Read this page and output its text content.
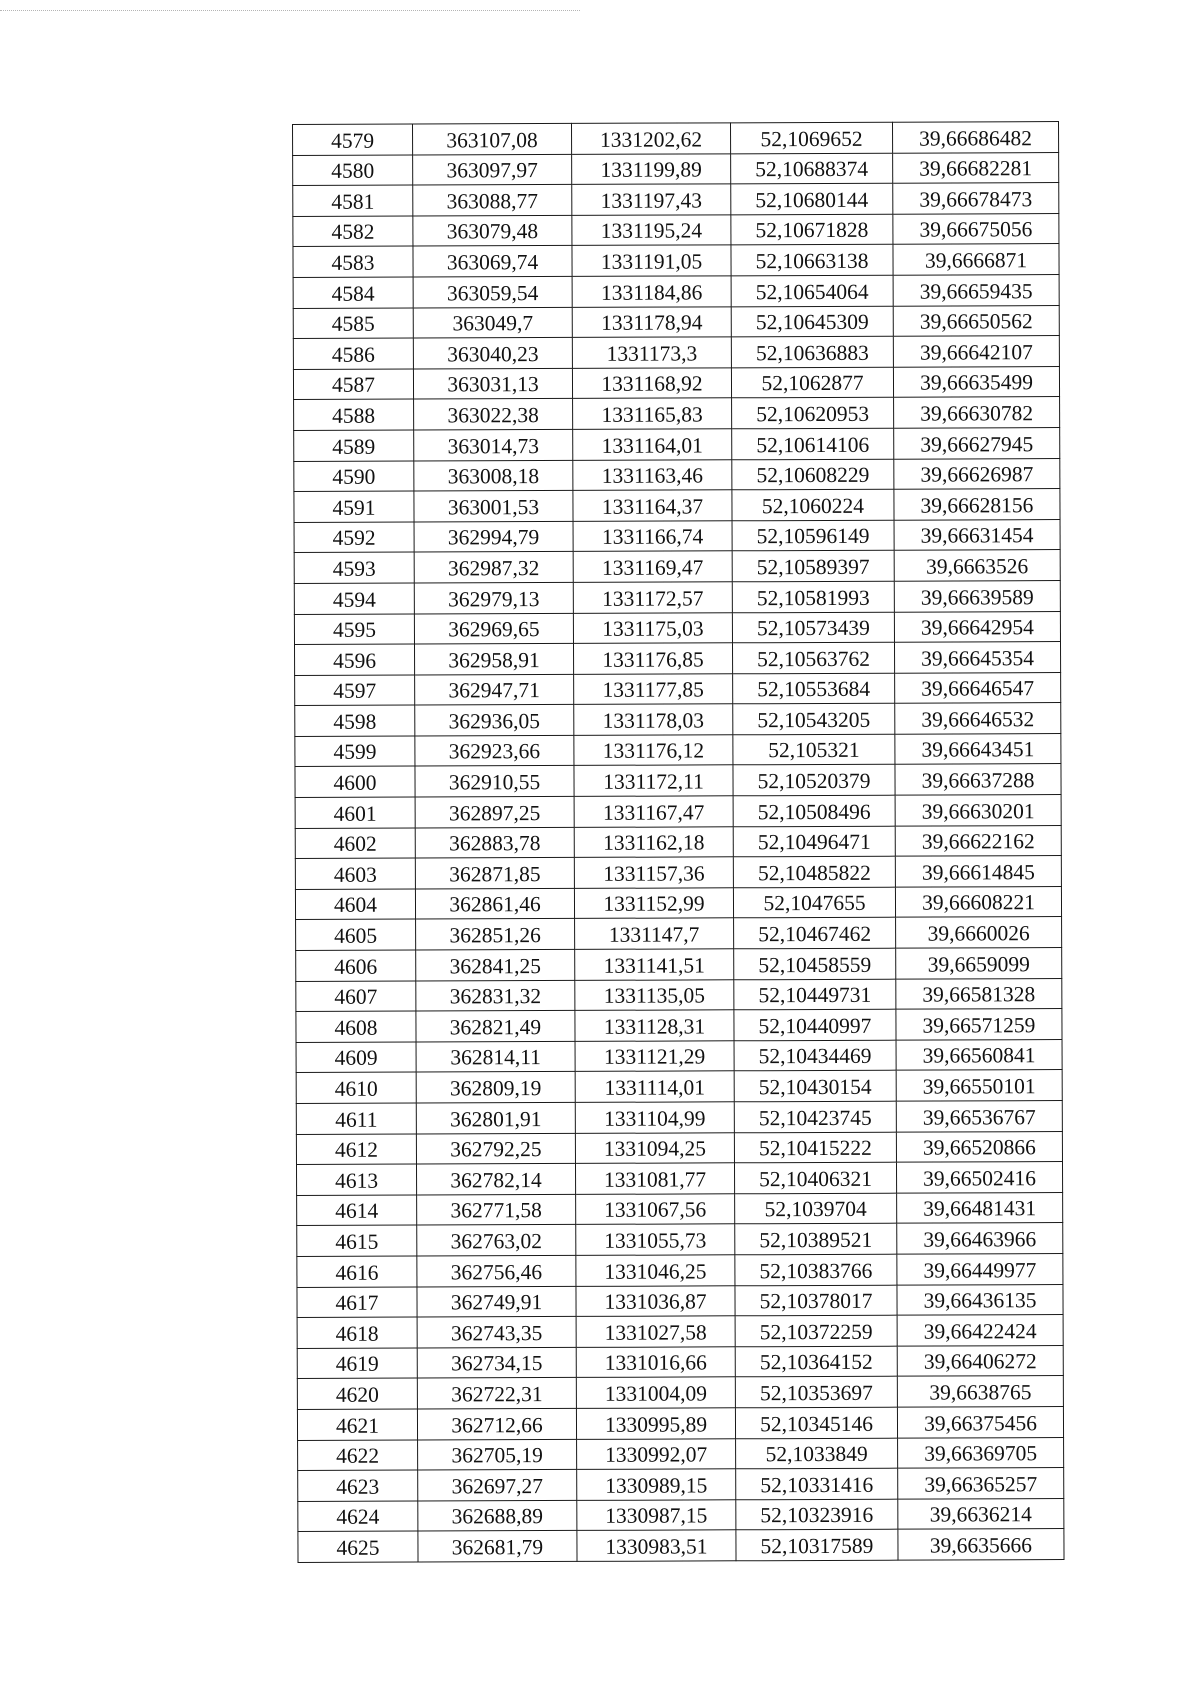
4579	363107,08	1331202,62	52,1069652	39,66686482
4580	363097,97	1331199,89	52,10688374	39,66682281
4581	363088,77	1331197,43	52,10680144	39,66678473
4582	363079,48	1331195,24	52,10671828	39,66675056
4583	363069,74	1331191,05	52,10663138	39,6666871
4584	363059,54	1331184,86	52,10654064	39,66659435
4585	363049,7	1331178,94	52,10645309	39,66650562
4586	363040,23	1331173,3	52,10636883	39,66642107
4587	363031,13	1331168,92	52,1062877	39,66635499
4588	363022,38	1331165,83	52,10620953	39,66630782
4589	363014,73	1331164,01	52,10614106	39,66627945
4590	363008,18	1331163,46	52,10608229	39,66626987
4591	363001,53	1331164,37	52,1060224	39,66628156
4592	362994,79	1331166,74	52,10596149	39,66631454
4593	362987,32	1331169,47	52,10589397	39,6663526
4594	362979,13	1331172,57	52,10581993	39,66639589
4595	362969,65	1331175,03	52,10573439	39,66642954
4596	362958,91	1331176,85	52,10563762	39,66645354
4597	362947,71	1331177,85	52,10553684	39,66646547
4598	362936,05	1331178,03	52,10543205	39,66646532
4599	362923,66	1331176,12	52,105321	39,66643451
4600	362910,55	1331172,11	52,10520379	39,66637288
4601	362897,25	1331167,47	52,10508496	39,66630201
4602	362883,78	1331162,18	52,10496471	39,66622162
4603	362871,85	1331157,36	52,10485822	39,66614845
4604	362861,46	1331152,99	52,1047655	39,66608221
4605	362851,26	1331147,7	52,10467462	39,6660026
4606	362841,25	1331141,51	52,10458559	39,6659099
4607	362831,32	1331135,05	52,10449731	39,66581328
4608	362821,49	1331128,31	52,10440997	39,66571259
4609	362814,11	1331121,29	52,10434469	39,66560841
4610	362809,19	1331114,01	52,10430154	39,66550101
4611	362801,91	1331104,99	52,10423745	39,66536767
4612	362792,25	1331094,25	52,10415222	39,66520866
4613	362782,14	1331081,77	52,10406321	39,66502416
4614	362771,58	1331067,56	52,1039704	39,66481431
4615	362763,02	1331055,73	52,10389521	39,66463966
4616	362756,46	1331046,25	52,10383766	39,66449977
4617	362749,91	1331036,87	52,10378017	39,66436135
4618	362743,35	1331027,58	52,10372259	39,66422424
4619	362734,15	1331016,66	52,10364152	39,66406272
4620	362722,31	1331004,09	52,10353697	39,6638765
4621	362712,66	1330995,89	52,10345146	39,66375456
4622	362705,19	1330992,07	52,1033849	39,66369705
4623	362697,27	1330989,15	52,10331416	39,66365257
4624	362688,89	1330987,15	52,10323916	39,6636214
4625	362681,79	1330983,51	52,10317589	39,6635666
